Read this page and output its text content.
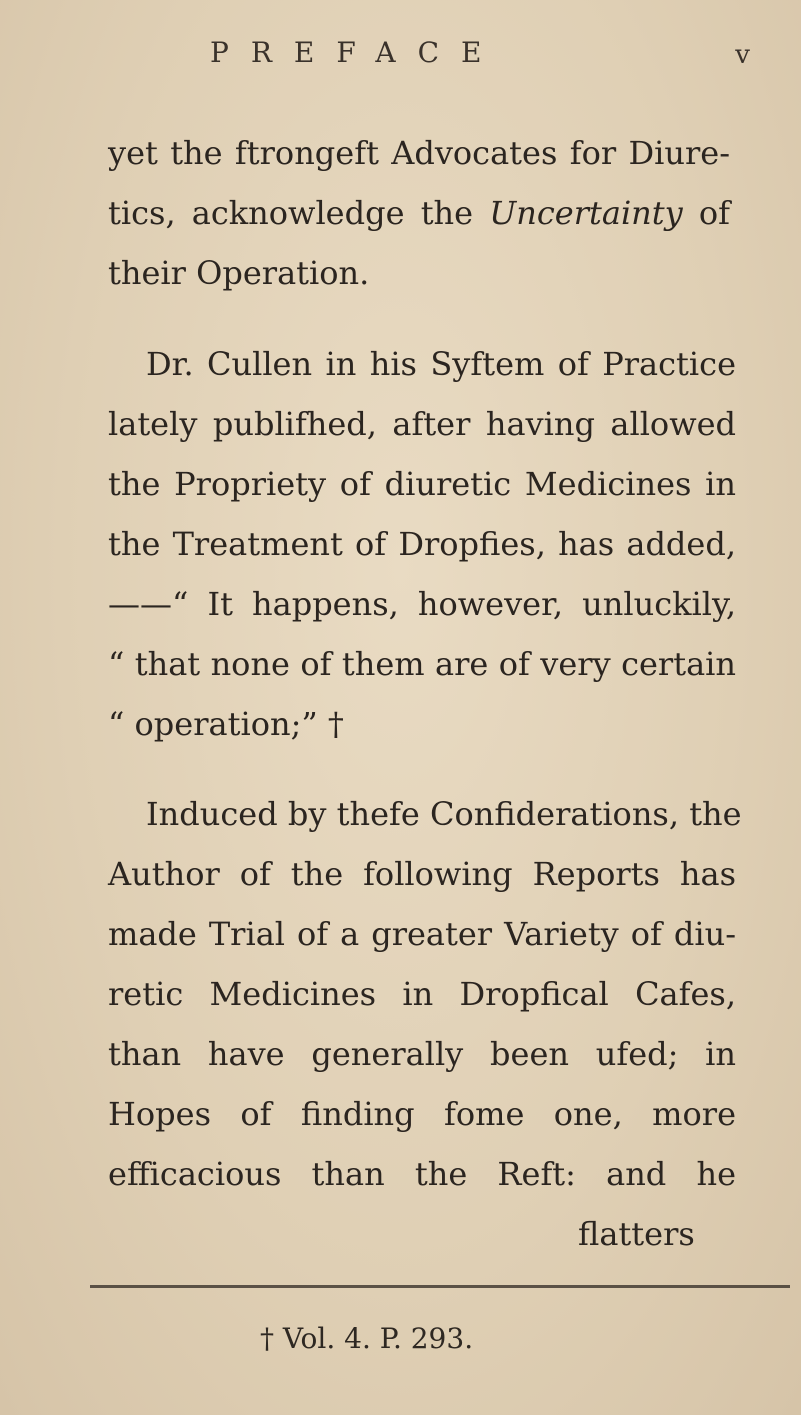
PREFACE	v
yet the ftrongeft Advocates for Diure-
tics, acknowledge the Uncertainty of
their Operation.
Dr. Cullen in his Syftem of Practice
lately publifhed, after having allowed
the Propriety of diuretic Medicines in
the Treatment of Dropfies, has added,
——“ It happens, however, unluckily,
“ that none of them are of very certain
“ operation;” †
Induced by thefe Confiderations, the
Author of the following Reports has
made Trial of a greater Variety of diu-
retic Medicines in Dropfical Cafes,
than have generally been ufed; in
Hopes of finding fome one, more
efficacious than the Reft: and he
flatters
† Vol. 4. P. 293.
